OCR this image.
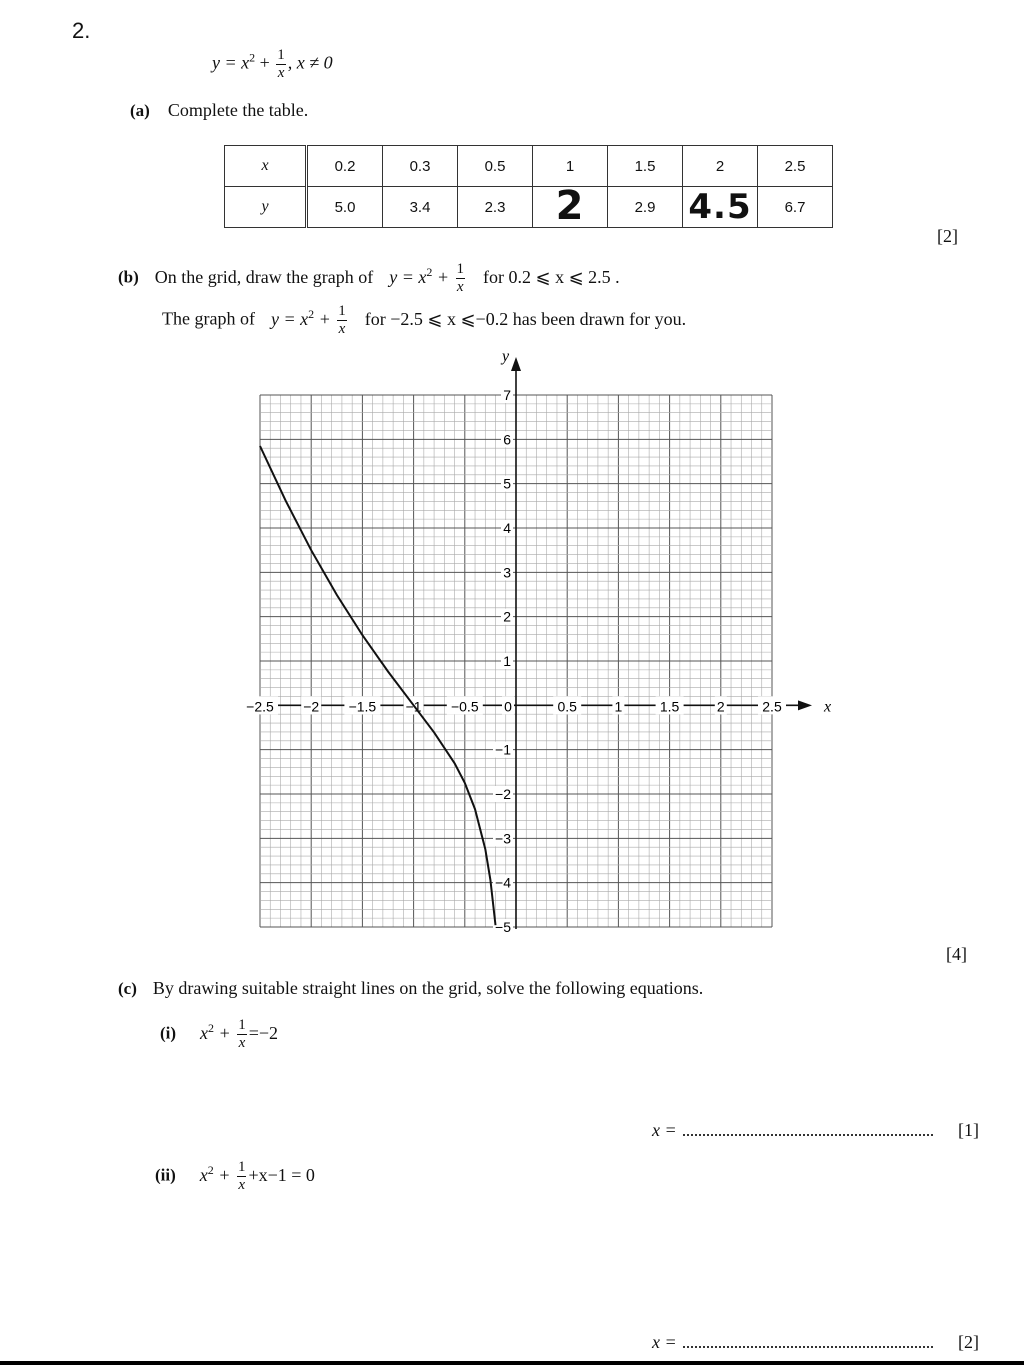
2.
$y = x^2 + \frac{1}{x}$ , x ≠ 0
(a) Complete the table.
x	0.2	0.3	0.5	1	1.5	2	2.5
y	5.0	3.4	2.3	2	2.9	4.5	6.7
[2]
(b) On the grid, draw the graph of $y = x^2 + \frac{1}{x}$ for 0.2 ⩽ x ⩽ 2.5 .
The graph of $y = x^2 + \frac{1}{x}$ for −2.5 ⩽ x ⩽−0.2 has been drawn for you.
x
y
−2.5 −2 −1.5 −1 −0.5 0	0.5	1	1.5	2	2.5
−5
−4
−3
−2
−1
1
2
3
4
5
6
7
[4]
(c) By drawing suitable straight lines on the grid, solve the following equations.
(i) $x^2 + \frac{1}{x} =-2$
x =	[1]
(ii) $x^2 + \frac{1}{x} +x-1 = 0$
x =	[2]
